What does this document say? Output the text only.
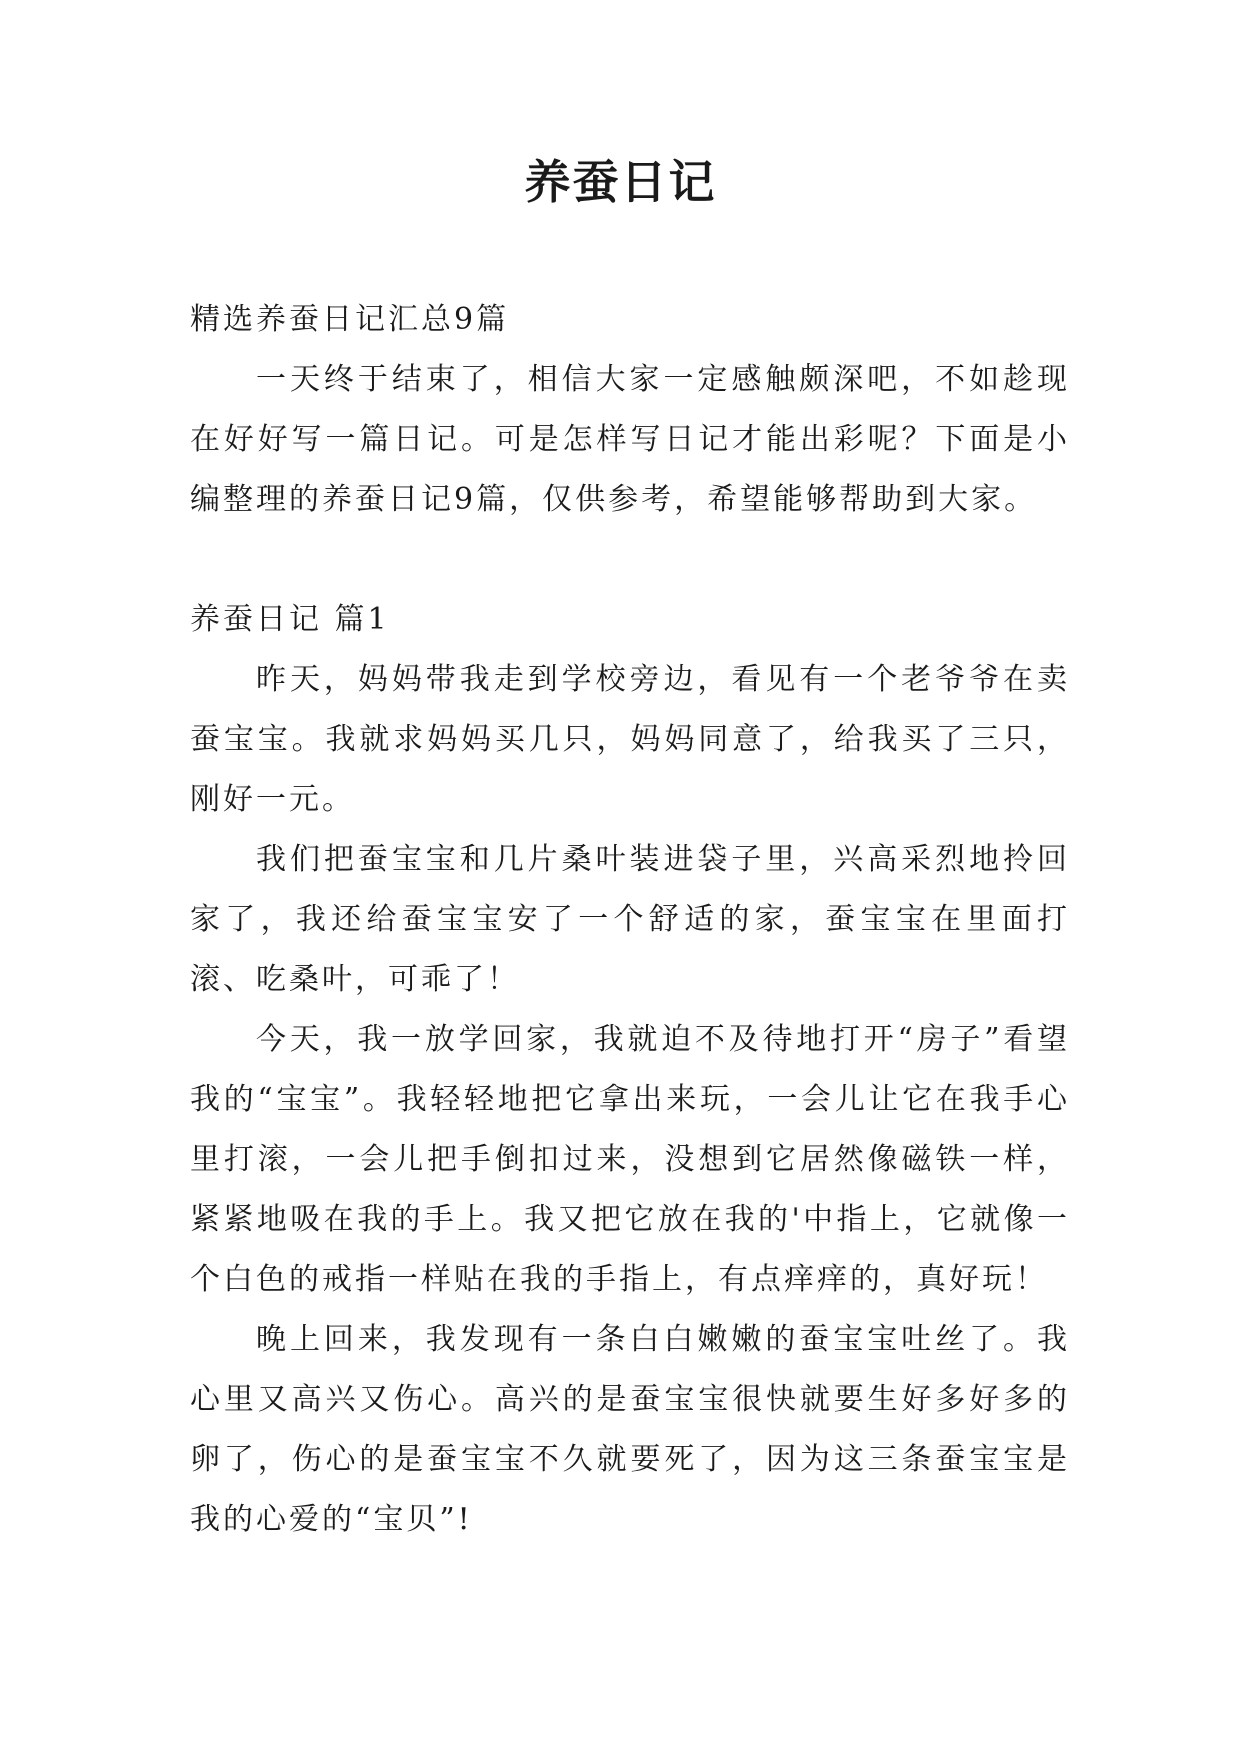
养蚕日记
精选养蚕日记汇总9篇

一天终于结束了，相信大家一定感触颇深吧，不如趁现在好好写一篇日记。可是怎样写日记才能出彩呢？下面是小编整理的养蚕日记9篇，仅供参考，希望能够帮助到大家。

养蚕日记 篇1

昨天，妈妈带我走到学校旁边，看见有一个老爷爷在卖蚕宝宝。我就求妈妈买几只，妈妈同意了，给我买了三只，刚好一元。

我们把蚕宝宝和几片桑叶装进袋子里，兴高采烈地拎回家了，我还给蚕宝宝安了一个舒适的家，蚕宝宝在里面打滚、吃桑叶，可乖了！

今天，我一放学回家，我就迫不及待地打开“房子”看望我的“宝宝”。我轻轻地把它拿出来玩，一会儿让它在我手心里打滚，一会儿把手倒扣过来，没想到它居然像磁铁一样，紧紧地吸在我的手上。我又把它放在我的'中指上，它就像一个白色的戒指一样贴在我的手指上，有点痒痒的，真好玩！

晚上回来，我发现有一条白白嫩嫩的蚕宝宝吐丝了。我心里又高兴又伤心。高兴的是蚕宝宝很快就要生好多好多的卵了，伤心的是蚕宝宝不久就要死了，因为这三条蚕宝宝是我的心爱的“宝贝”!
